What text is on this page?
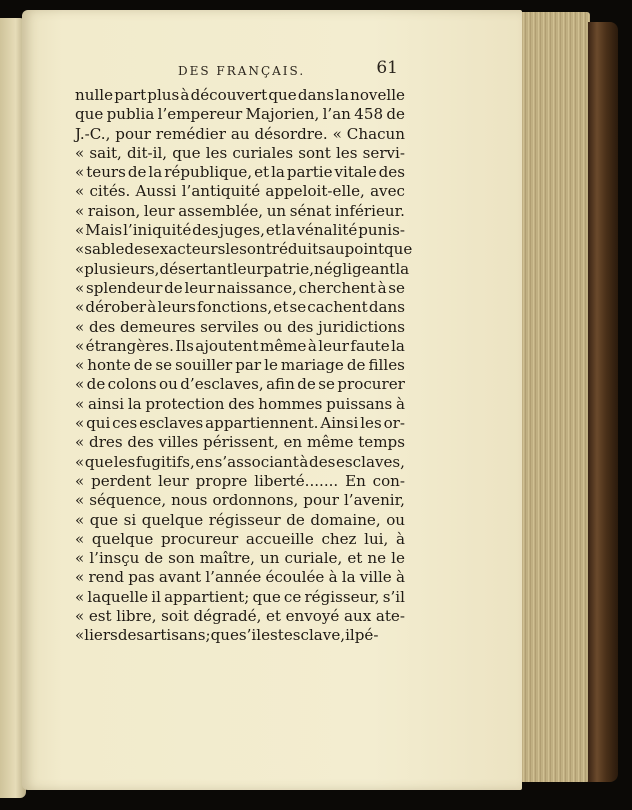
DES FRANÇAIS.	61
nulle part plus à découvert que dans la novelle
que publia l’empereur Majorien, l’an 458 de
J.-C., pour remédier au désordre. « Chacun
« sait, dit-il, que les curiales sont les servi-
« teurs de la république, et la partie vitale des
« cités. Aussi l’antiquité appeloit-elle, avec
« raison, leur assemblée, un sénat inférieur.
« Mais l’iniquité des juges, et la vénalité punis-
« sable des exacteurs les ont réduits au point que
« plusieurs, désertant leur patrie, négligeant la
« splendeur de leur naissance, cherchent à se
« dérober à leurs fonctions, et se cachent dans
« des demeures serviles ou des juridictions
« étrangères. Ils ajoutent même à leur faute la
« honte de se souiller par le mariage de filles
« de colons ou d’esclaves, afin de se procurer
« ainsi la protection des hommes puissans à
« qui ces esclaves appartiennent. Ainsi les or-
« dres des villes périssent, en même temps
« que les fugitifs, en s’associant à des esclaves,
« perdent leur propre liberté....... En con-
« séquence, nous ordonnons, pour l’avenir,
« que si quelque régisseur de domaine, ou
« quelque procureur accueille chez lui, à
« l’insçu de son maître, un curiale, et ne le
« rend pas avant l’année écoulée à la ville à
« laquelle il appartient; que ce régisseur, s’il
« est libre, soit dégradé, et envoyé aux ate-
« liers des artisans; que s’il est esclave, il pé-
